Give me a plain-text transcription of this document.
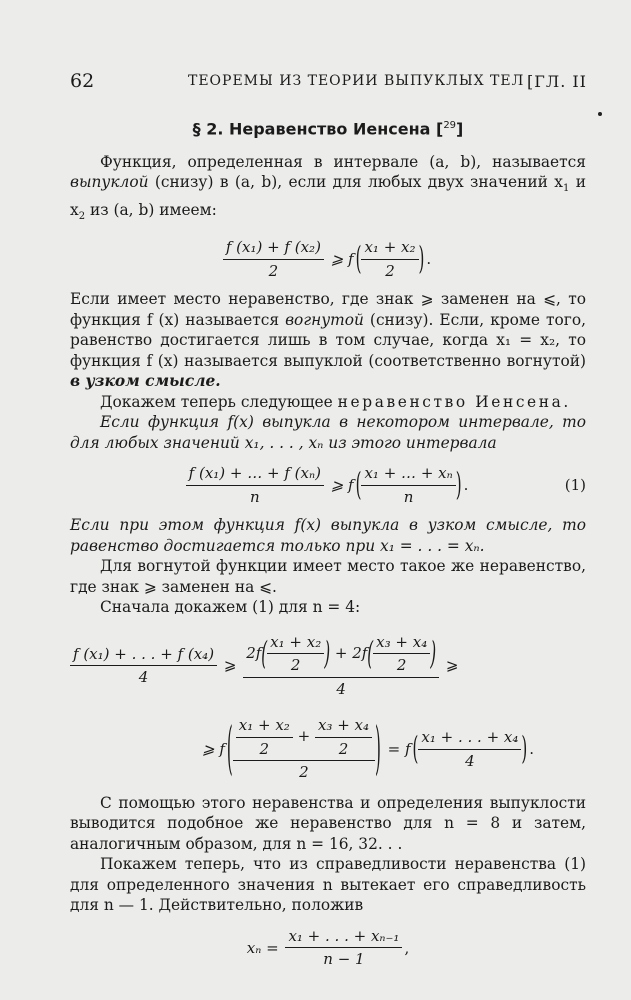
62	ТЕОРЕМЫ ИЗ ТЕОРИИ ВЫПУКЛЫХ ТЕЛ [ГЛ. II

§ 2. Неравенство Иенсена [$^{29}$]

Функция, определенная в интервале (a, b), называется выпуклой (снизу) в (a, b), если для любых двух значений $x_1$ и $x_2$ из (a, b) имеем:

$\frac{\text{f (x₁) + f (x₂)}}{2}$ ⩾ f ( $\frac{\text{x₁ + x₂}}{2}$ ) .

Если имеет место неравенство, где знак ⩾ заменен на ⩽, то функция f (x) называется вогнутой (снизу). Если, кроме того, равенство достигается лишь в том случае, когда x₁ = x₂, то функция f (x) называется выпуклой (соответственно вогнутой) в узком смысле.

Докажем теперь следующее неравенство Иенсена.

Если функция f(x) выпукла в некотором интервале, то для любых значений x₁, . . . , xₙ из этого интервала

$\frac{\text{f (x₁) + … + f (xₙ)}}{n}$ ⩾ f ( $\frac{\text{x₁ + … + xₙ}}{n}$ ) .	(1)

Если при этом функция f(x) выпукла в узком смысле, то равенство достигается только при x₁ = . . . = xₙ.

Для вогнутой функции имеет место такое же неравенство, где знак ⩾ заменен на ⩽.

Сначала докажем (1) для n = 4:

$\frac{\text{f (x₁) + . . . + f (x₄)}}{4}$ ⩾ $\frac{2f( \frac{\text{x₁ + x₂}}{2} ) + 2f( \frac{\text{x₃ + x₄}}{2} )}{4}$ ⩾
⩾ f ( $\frac{\frac{\text{x₁ + x₂}}{2} + \frac{\text{x₃ + x₄}}{2}}{2}$ ) = f ( $\frac{\text{x₁ + . . . + x₄}}{4}$ ) .

С помощью этого неравенства и определения выпуклости выводится подобное же неравенство для n = 8 и затем, аналогичным образом, для n = 16, 32. . .

Покажем теперь, что из справедливости неравенства (1) для определенного значения n вытекает его справедливость для n — 1. Действительно, положив

$x_n = \frac{\text{x₁ + . . . + xₙ₋₁}}{n - 1}$ ,
